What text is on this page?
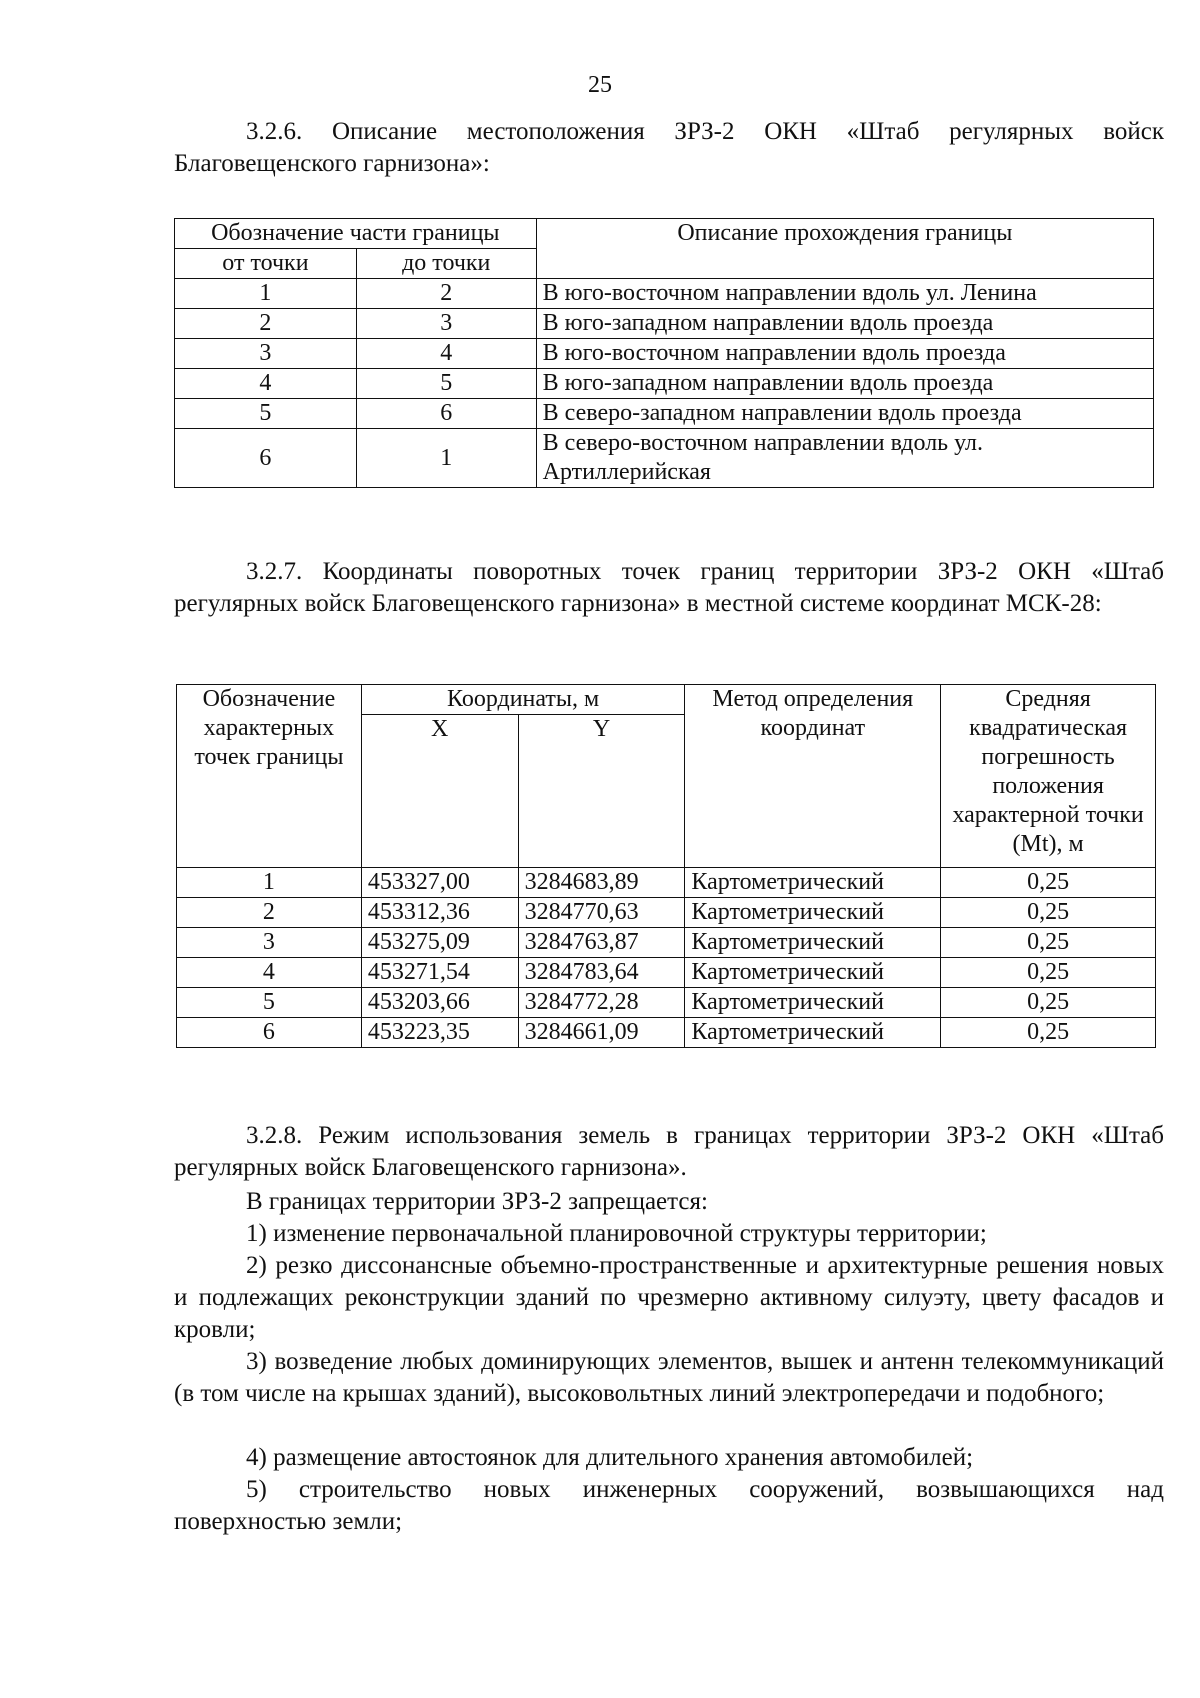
25
3.2.6. Описание местоположения ЗРЗ-2 ОКН «Штаб регулярных войск Благовещенского гарнизона»:
Обозначение части границы		Описание прохождения границы
от точки	до точки	
1	2	В юго-восточном направлении вдоль ул. Ленина
2	3	В юго-западном направлении вдоль проезда
3	4	В юго-восточном направлении вдоль проезда
4	5	В юго-западном направлении вдоль проезда
5	6	В северо-западном направлении вдоль проезда
6	1	В северо-восточном направлении вдоль ул. Артиллерийская
3.2.7. Координаты поворотных точек границ территории ЗРЗ-2 ОКН «Штаб регулярных войск Благовещенского гарнизона» в местной системе координат МСК-28:
Обозначение характерных точек границы	Координаты, м		Метод определения координат	Средняя квадратическая погрешность положения характерной точки (Mt), м
	X	Y		
1	453327,00	3284683,89	Картометрический	0,25
2	453312,36	3284770,63	Картометрический	0,25
3	453275,09	3284763,87	Картометрический	0,25
4	453271,54	3284783,64	Картометрический	0,25
5	453203,66	3284772,28	Картометрический	0,25
6	453223,35	3284661,09	Картометрический	0,25
3.2.8. Режим использования земель в границах территории ЗРЗ-2 ОКН «Штаб регулярных войск Благовещенского гарнизона».
В границах территории ЗРЗ-2 запрещается:
1) изменение первоначальной планировочной структуры территории;
2) резко диссонансные объемно-пространственные и архитектурные решения новых и подлежащих реконструкции зданий по чрезмерно активному силуэту, цвету фасадов и кровли;
3) возведение любых доминирующих элементов, вышек и антенн телекоммуникаций (в том числе на крышах зданий), высоковольтных линий электропередачи и подобного;
4) размещение автостоянок для длительного хранения автомобилей;
5) строительство новых инженерных сооружений, возвышающихся над поверхностью земли;
